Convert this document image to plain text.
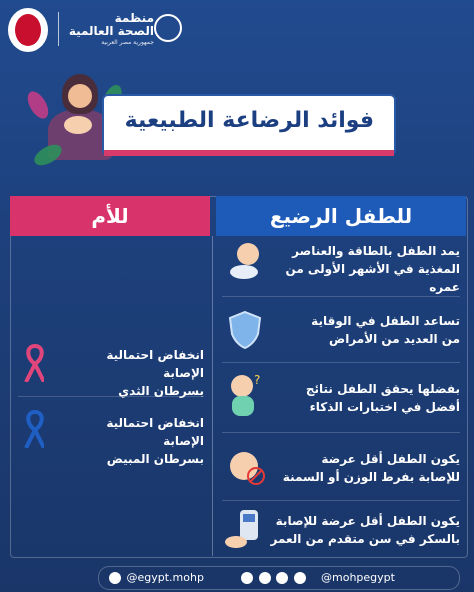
منظمة
الصحة العالمية
جمهورية مصر العربية
فوائد الرضاعة الطبيعية
للأم	للطفل الرضيع
يمد الطفل بالطاقة والعناصر
المغذية في الأشهر الأولى من عمره
تساعد الطفل في الوقاية
من العديد من الأمراض
بفضلها يحقق الطفل نتائج
أفضل في اختبارات الذكاء
?
يكون الطفل أقل عرضة
للإصابة بفرط الوزن أو السمنة
يكون الطفل أقل عرضة للإصابة
بالسكر في سن متقدم من العمر
انخفاض احتمالية الإصابة
بسرطان الثدي
انخفاض احتمالية الإصابة
بسرطان المبيض
@egypt.mohp
	@mohpegypt
